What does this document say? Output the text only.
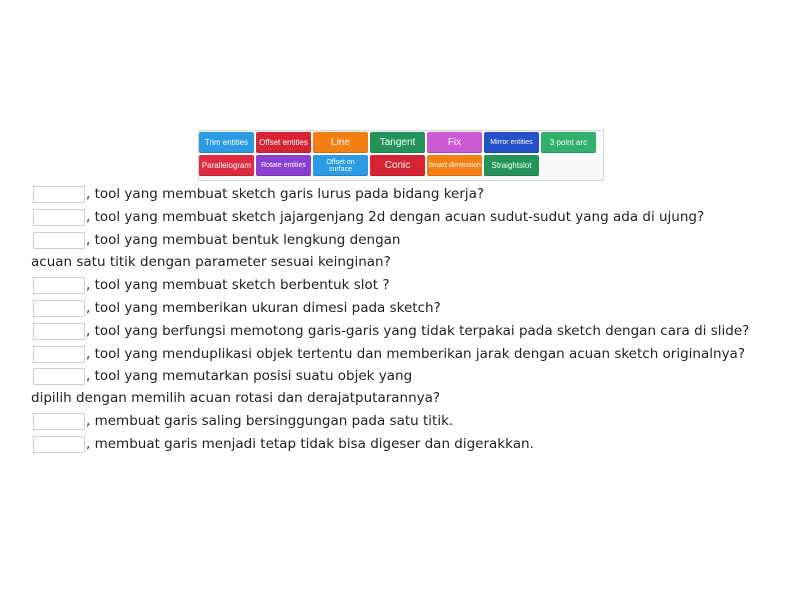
Trim entities Offset entities Line	Tangent	Fix	Mirror entities 3 point arc
Parallelogram Rotate entities	Offset on surface	Conic	Smart dimension Straightslot
, tool yang membuat sketch garis lurus pada bidang kerja?
, tool yang membuat sketch jajargenjang 2d dengan acuan sudut-sudut yang ada di ujung?
, tool yang membuat bentuk lengkung dengan
acuan satu titik dengan parameter sesuai keinginan?
, tool yang membuat sketch berbentuk slot ?
, tool yang memberikan ukuran dimesi pada sketch?
, tool yang berfungsi memotong garis-garis yang tidak terpakai pada sketch dengan cara di slide?
, tool yang menduplikasi objek tertentu dan memberikan jarak dengan acuan sketch originalnya?
, tool yang memutarkan posisi suatu objek yang
dipilih dengan memilih acuan rotasi dan derajatputarannya?
, membuat garis saling bersinggungan pada satu titik.
, membuat garis menjadi tetap tidak bisa digeser dan digerakkan.
